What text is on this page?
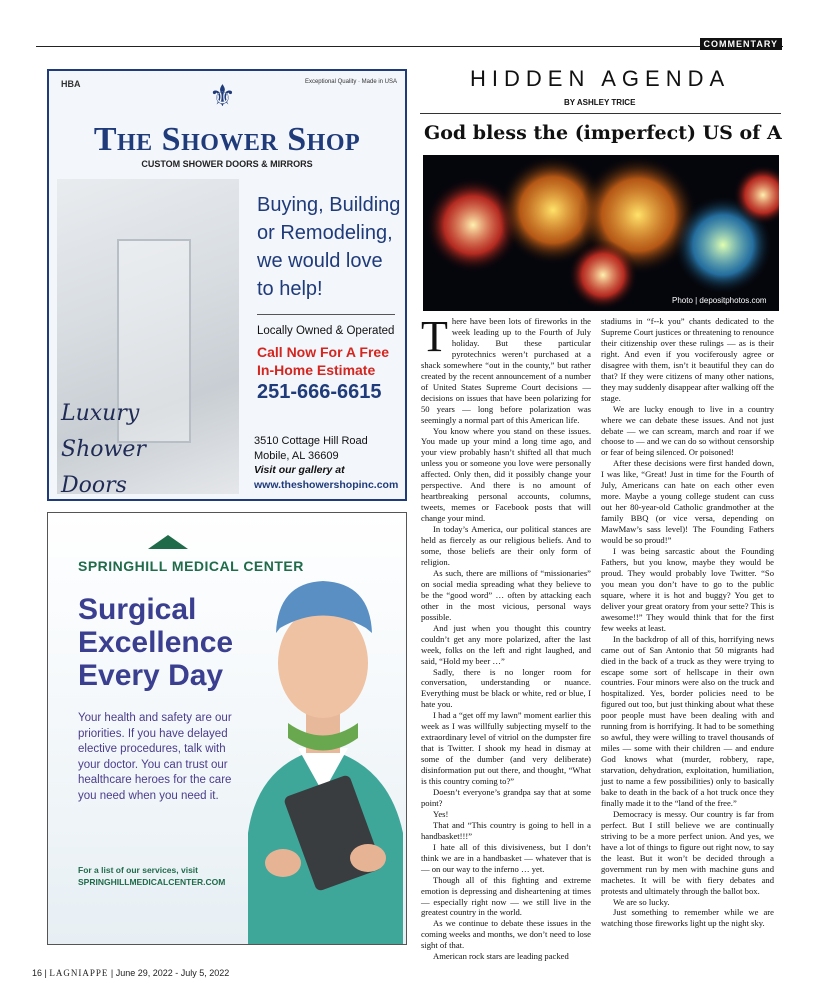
COMMENTARY
HBA	⚜	Exceptional Quality · Made in USA
The Shower Shop
CUSTOM SHOWER DOORS & MIRRORS
Luxury
Shower
Doors
Buying, Building or Remodeling, we would love to help!
Locally Owned & Operated
Call Now For A Free In-Home Estimate
251-666-6615
3510 Cottage Hill Road
Mobile, AL 36609
Visit our gallery at
www.theshowershopinc.com
SPRINGHILL MEDICAL CENTER
Surgical Excellence Every Day
Your health and safety are our priorities. If you have delayed elective procedures, talk with your doctor. You can trust our healthcare heroes for the care you need when you need it.
For a list of our services, visit
SPRINGHILLMEDICALCENTER.COM
HIDDEN AGENDA
BY ASHLEY TRICE
God bless the (imperfect) US of A
Photo | depositphotos.com

There have been lots of fireworks in the week leading up to the Fourth of July holiday. But these particular pyrotechnics weren’t purchased at a shack somewhere “out in the county,” but rather created by the recent announcement of a number of United States Supreme Court decisions — decisions on issues that have been polarizing for 50 years — long before polarization was seemingly a normal part of this American life.

You know where you stand on these issues. You made up your mind a long time ago, and your view probably hasn’t shifted all that much unless you or someone you love were personally affected. Only then, did it possibly change your perspective. And there is no amount of heartbreaking personal accounts, columns, tweets, memes or Facebook posts that will change your mind.

In today’s America, our political stances are held as fiercely as our religious beliefs. And to some, those beliefs are their only form of religion.

As such, there are millions of “missionaries” on social media spreading what they believe to be the “good word” … often by attacking each other in the most vicious, personal ways possible.

And just when you thought this country couldn’t get any more polarized, after the last week, folks on the left and right laughed, and said, “Hold my beer …”

Sadly, there is no longer room for conversation, understanding or nuance. Everything must be black or white, red or blue, I hate you.

I had a “get off my lawn” moment earlier this week as I was willfully subjecting myself to the extraordinary level of vitriol on the dumpster fire that is Twitter. I shook my head in dismay at some of the dumber (and very deliberate) disinformation put out there, and thought, “What is this country coming to?”

Doesn’t everyone’s grandpa say that at some point?

Yes!

That and “This country is going to hell in a handbasket!!!”

I hate all of this divisiveness, but I don’t think we are in a handbasket — whatever that is — on our way to the inferno … yet.

Though all of this fighting and extreme emotion is depressing and disheartening at times — especially right now — we still live in the greatest country in the world.

As we continue to debate these issues in the coming weeks and months, we don’t need to lose sight of that.

American rock stars are leading packed

stadiums in “f--k you” chants dedicated to the Supreme Court justices or threatening to renounce their citizenship over these rulings — as is their right. And even if you vociferously agree or disagree with them, isn’t it beautiful they can do that? If they were citizens of many other nations, they may suddenly disappear after walking off the stage.

We are lucky enough to live in a country where we can debate these issues. And not just debate — we can scream, march and roar if we choose to — and we can do so without censorship or fear of being silenced. Or poisoned!

After these decisions were first handed down, I was like, “Great! Just in time for the Fourth of July, Americans can hate on each other even more. Maybe a young college student can cuss out her 80-year-old Catholic grandmother at the family BBQ (or vice versa, depending on MawMaw’s sass level)! The Founding Fathers would be so proud!”

I was being sarcastic about the Founding Fathers, but you know, maybe they would be proud. They would probably love Twitter. “So you mean you don’t have to go to the public square, where it is hot and buggy? You get to deliver your great oratory from your sette? This is awesome!!” They would think that for the first few weeks at least.

In the backdrop of all of this, horrifying news came out of San Antonio that 50 migrants had died in the back of a truck as they were trying to escape some sort of hellscape in their own countries. Four minors were also on the truck and hospitalized. Yes, border policies need to be figured out too, but just thinking about what these poor people must have been dealing with and running from is horrifying. It had to be something so awful, they were willing to travel thousands of miles — some with their children — and endure God knows what (murder, robbery, rape, starvation, dehydration, exploitation, humiliation, just to name a few possibilities) only to basically bake to death in the back of a hot truck once they finally made it to the “land of the free.”

Democracy is messy. Our country is far from perfect. But I still believe we are continually striving to be a more perfect union. And yes, we have a lot of things to figure out right now, to say the least. But it won’t be decided through a government run by men with machine guns and machetes. It will be with fiery debates and protests and ultimately through the ballot box.

We are so lucky.

Just something to remember while we are watching those fireworks light up the night sky.

16 | LAGNIAPPE | June 29, 2022 - July 5, 2022
